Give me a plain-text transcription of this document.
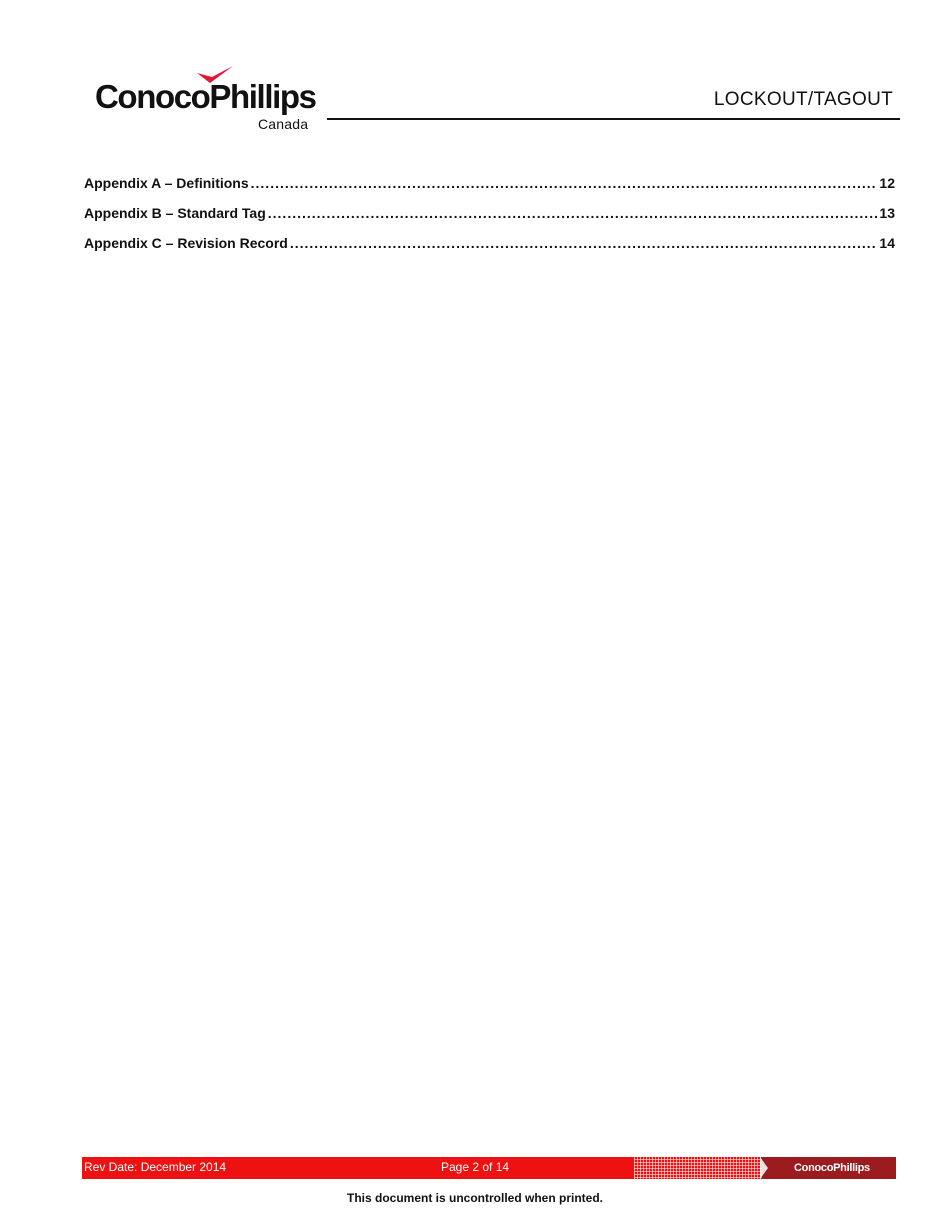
ConocoPhillips
Canada
LOCKOUT/TAGOUT
Appendix A – Definitions .....	12
Appendix B – Standard Tag .....	13
Appendix C – Revision Record .....	14
Rev Date: December 2014	Page 2 of 14	ConocoPhillips
This document is uncontrolled when printed.
